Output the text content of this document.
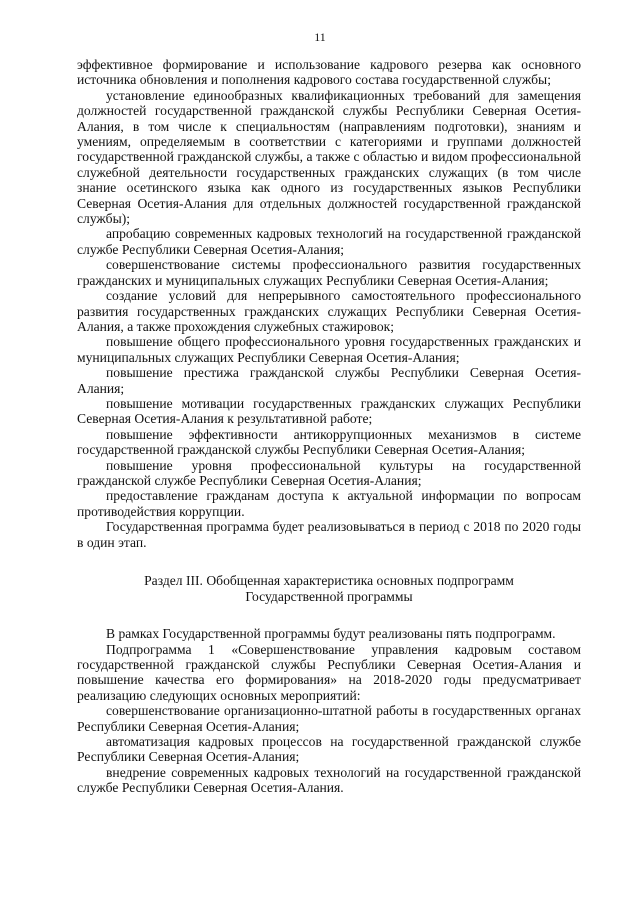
11

эффективное формирование и использование кадрового резерва как основного источника обновления и пополнения кадрового состава государственной службы;

установление единообразных квалификационных требований для замещения должностей государственной гражданской службы Республики Северная Осетия-Алания, в том числе к специальностям (направлениям подготовки), знаниям и умениям, определяемым в соответствии с категориями и группами должностей государственной гражданской службы, а также с областью и видом профессиональной служебной деятельности государственных гражданских служащих (в том числе знание осетинского языка как одного из государственных языков Республики Северная Осетия-Алания для отдельных должностей государственной гражданской службы);

апробацию современных кадровых технологий на государственной гражданской службе Республики Северная Осетия-Алания;

совершенствование системы профессионального развития государственных гражданских и муниципальных служащих Республики Северная Осетия-Алания;

создание условий для непрерывного самостоятельного профессионального развития государственных гражданских служащих Республики Северная Осетия-Алания, а также прохождения служебных стажировок;

повышение общего профессионального уровня государственных гражданских и муниципальных служащих Республики Северная Осетия-Алания;

повышение престижа гражданской службы Республики Северная Осетия-Алания;

повышение мотивации государственных гражданских служащих Республики Северная Осетия-Алания к результативной работе;

повышение эффективности антикоррупционных механизмов в системе государственной гражданской службы Республики Северная Осетия-Алания;

повышение уровня профессиональной культуры на государственной гражданской службе Республики Северная Осетия-Алания;

предоставление гражданам доступа к актуальной информации по вопросам противодействия коррупции.

Государственная программа будет реализовываться в период с 2018 по 2020 годы в один этап.

Раздел III. Обобщенная характеристика основных подпрограмм

Государственной программы

В рамках Государственной программы будут реализованы пять подпрограмм.

Подпрограмма 1 «Совершенствование управления кадровым составом государственной гражданской службы Республики Северная Осетия-Алания и повышение качества его формирования» на 2018-2020 годы предусматривает реализацию следующих основных мероприятий:

совершенствование организационно-штатной работы в государственных органах Республики Северная Осетия-Алания;

автоматизация кадровых процессов на государственной гражданской службе Республики Северная Осетия-Алания;

внедрение современных кадровых технологий на государственной гражданской службе Республики Северная Осетия-Алания.
